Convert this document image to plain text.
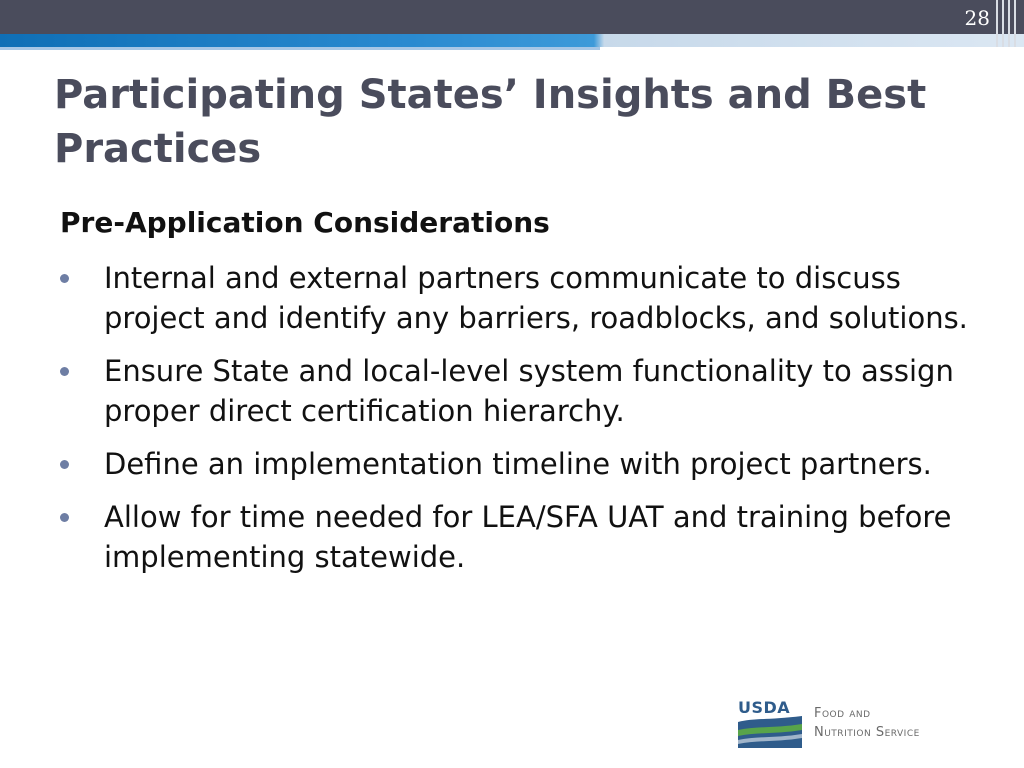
28
Participating States’ Insights and Best Practices
Pre-Application Considerations
Internal and external partners communicate to discuss project and identify any barriers, roadblocks, and solutions.
Ensure State and local-level system functionality to assign proper direct certification hierarchy.
Define an implementation timeline with project partners.
Allow for time needed for LEA/SFA UAT and training before implementing statewide.
USDA	Food and
Nutrition Service
